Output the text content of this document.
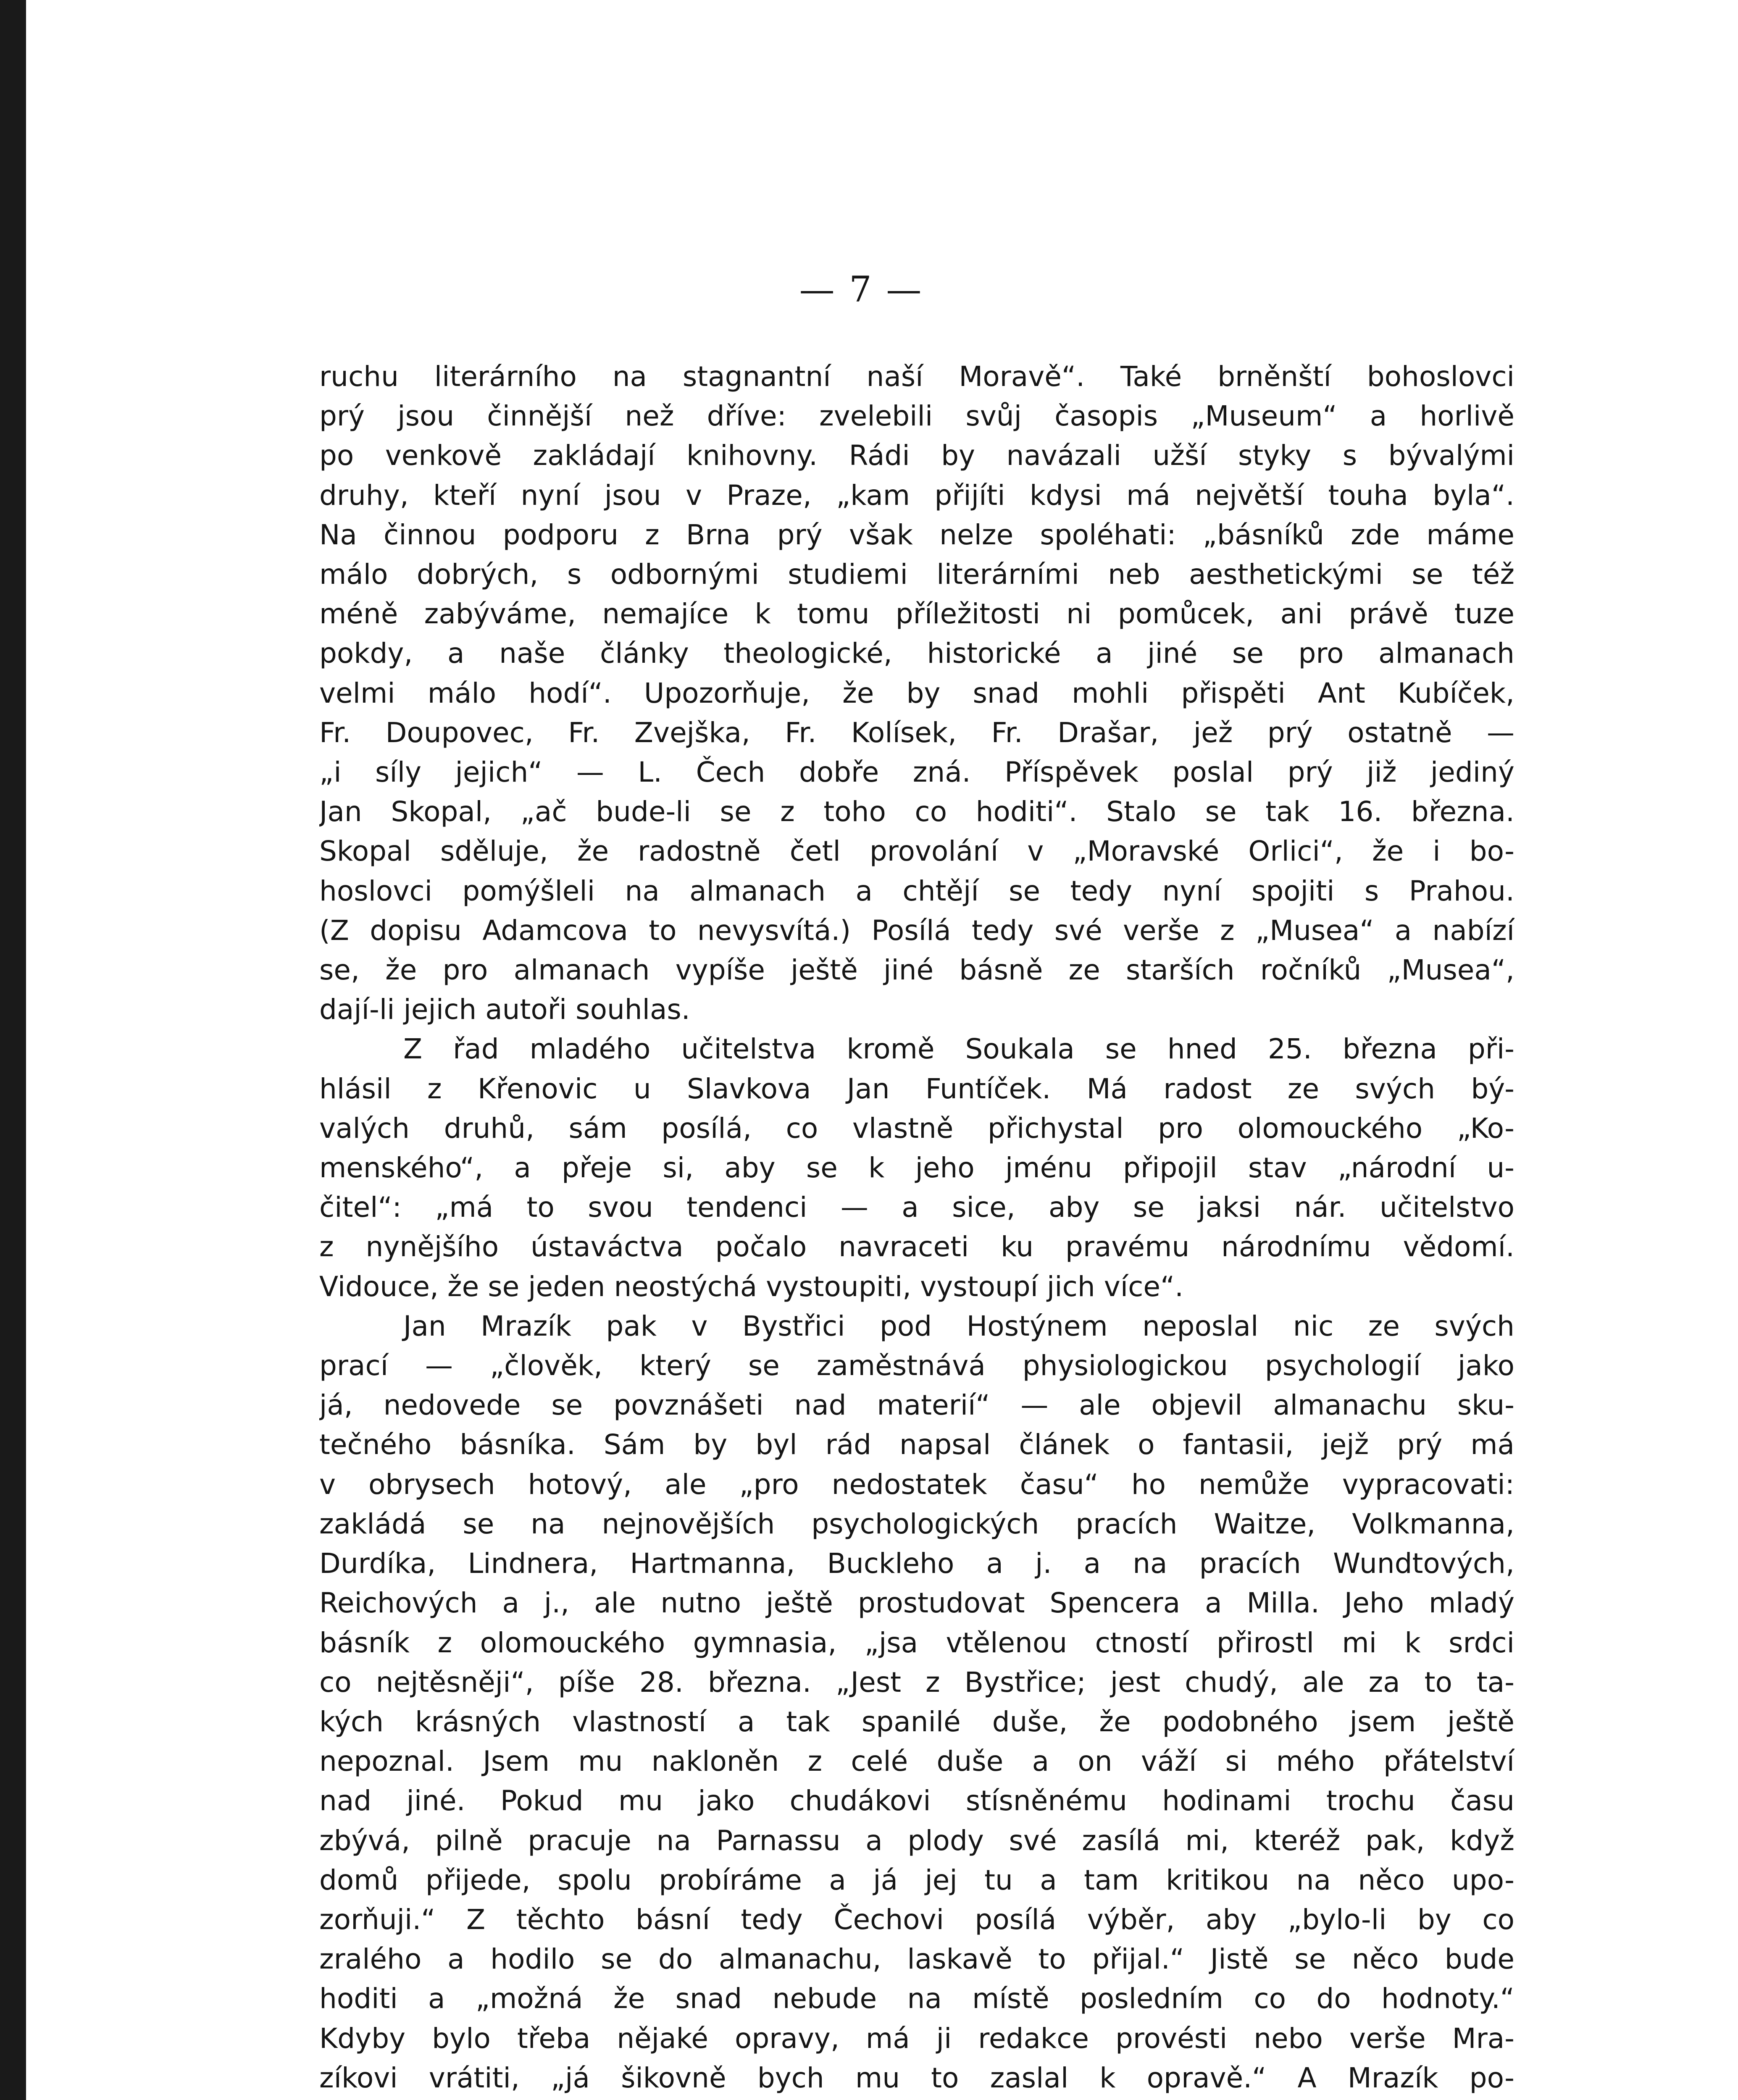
— 7 —

ruchu literárního na stagnantní naší Moravě“. Také brněnští bohoslovci
prý jsou činnější než dříve: zvelebili svůj časopis „Museum“ a horlivě
po venkově zakládají knihovny. Rádi by navázali užší styky s bývalými
druhy, kteří nyní jsou v Praze, „kam přijíti kdysi má největší touha byla“.
Na činnou podporu z Brna prý však nelze spoléhati: „básníků zde máme
málo dobrých, s odbornými studiemi literárními neb aesthetickými se též
méně zabýváme, nemajíce k tomu příležitosti ni pomůcek, ani právě tuze
pokdy, a naše články theologické, historické a jiné se pro almanach
velmi málo hodí“. Upozorňuje, že by snad mohli přispěti Ant Kubíček,
Fr. Doupovec, Fr. Zvejška, Fr. Kolísek, Fr. Drašar, jež prý ostatně —
„i síly jejich“ — L. Čech dobře zná. Příspěvek poslal prý již jediný
Jan Skopal, „ač bude-li se z toho co hoditi“. Stalo se tak 16. března.
Skopal sděluje, že radostně četl provolání v „Moravské Orlici“, že i bo-
hoslovci pomýšleli na almanach a chtějí se tedy nyní spojiti s Prahou.
(Z dopisu Adamcova to nevysvítá.) Posílá tedy své verše z „Musea“ a nabízí
se, že pro almanach vypíše ještě jiné básně ze starších ročníků „Musea“,
dají-li jejich autoři souhlas.

Z řad mladého učitelstva kromě Soukala se hned 25. března při-
hlásil z Křenovic u Slavkova Jan Funtíček. Má radost ze svých bý-
valých druhů, sám posílá, co vlastně přichystal pro olomouckého „Ko-
menského“, a přeje si, aby se k jeho jménu připojil stav „národní u-
čitel“: „má to svou tendenci — a sice, aby se jaksi nár. učitelstvo
z nynějšího ústaváctva počalo navraceti ku pravému národnímu vědomí.
Vidouce, že se jeden neostýchá vystoupiti, vystoupí jich více“.

Jan Mrazík pak v Bystřici pod Hostýnem neposlal nic ze svých
prací — „člověk, který se zaměstnává physiologickou psychologií jako
já, nedovede se povznášeti nad materií“ — ale objevil almanachu sku-
tečného básníka. Sám by byl rád napsal článek o fantasii, jejž prý má
v obrysech hotový, ale „pro nedostatek času“ ho nemůže vypracovati:
zakládá se na nejnovějších psychologických pracích Waitze, Volkmanna,
Durdíka, Lindnera, Hartmanna, Buckleho a j. a na pracích Wundtových,
Reichových a j., ale nutno ještě prostudovat Spencera a Milla. Jeho mladý
básník z olomouckého gymnasia, „jsa vtělenou ctností přirostl mi k srdci
co nejtěsněji“, píše 28. března. „Jest z Bystřice; jest chudý, ale za to ta-
kých krásných vlastností a tak spanilé duše, že podobného jsem ještě
nepoznal. Jsem mu nakloněn z celé duše a on váží si mého přátelství
nad jiné. Pokud mu jako chudákovi stísněnému hodinami trochu času
zbývá, pilně pracuje na Parnassu a plody své zasílá mi, kteréž pak, když
domů přijede, spolu probíráme a já jej tu a tam kritikou na něco upo-
zorňuji.“ Z těchto básní tedy Čechovi posílá výběr, aby „bylo-li by co
zralého a hodilo se do almanachu, laskavě to přijal.“ Jistě se něco bude
hoditi a „možná že snad nebude na místě posledním co do hodnoty.“
Kdyby bylo třeba nějaké opravy, má ji redakce provésti nebo verše Mra-
zíkovi vrátiti, „já šikovně bych mu to zaslal k opravě.“ A Mrazík po-
